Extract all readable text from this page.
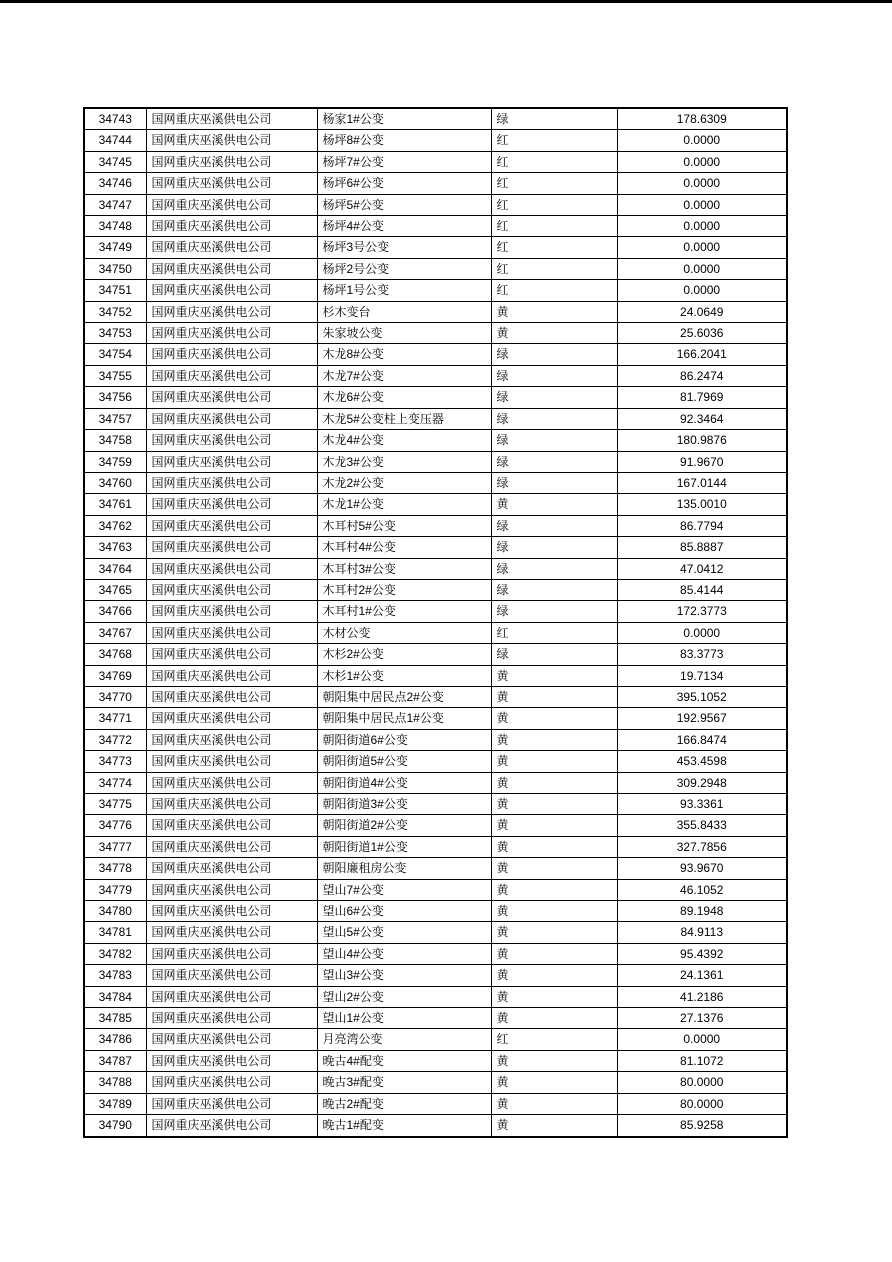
34743	国网重庆巫溪供电公司	杨家1#公变	绿	178.6309
34744	国网重庆巫溪供电公司	杨坪8#公变	红	0.0000
34745	国网重庆巫溪供电公司	杨坪7#公变	红	0.0000
34746	国网重庆巫溪供电公司	杨坪6#公变	红	0.0000
34747	国网重庆巫溪供电公司	杨坪5#公变	红	0.0000
34748	国网重庆巫溪供电公司	杨坪4#公变	红	0.0000
34749	国网重庆巫溪供电公司	杨坪3号公变	红	0.0000
34750	国网重庆巫溪供电公司	杨坪2号公变	红	0.0000
34751	国网重庆巫溪供电公司	杨坪1号公变	红	0.0000
34752	国网重庆巫溪供电公司	杉木变台	黄	24.0649
34753	国网重庆巫溪供电公司	朱家坡公变	黄	25.6036
34754	国网重庆巫溪供电公司	木龙8#公变	绿	166.2041
34755	国网重庆巫溪供电公司	木龙7#公变	绿	86.2474
34756	国网重庆巫溪供电公司	木龙6#公变	绿	81.7969
34757	国网重庆巫溪供电公司	木龙5#公变柱上变压器	绿	92.3464
34758	国网重庆巫溪供电公司	木龙4#公变	绿	180.9876
34759	国网重庆巫溪供电公司	木龙3#公变	绿	91.9670
34760	国网重庆巫溪供电公司	木龙2#公变	绿	167.0144
34761	国网重庆巫溪供电公司	木龙1#公变	黄	135.0010
34762	国网重庆巫溪供电公司	木耳村5#公变	绿	86.7794
34763	国网重庆巫溪供电公司	木耳村4#公变	绿	85.8887
34764	国网重庆巫溪供电公司	木耳村3#公变	绿	47.0412
34765	国网重庆巫溪供电公司	木耳村2#公变	绿	85.4144
34766	国网重庆巫溪供电公司	木耳村1#公变	绿	172.3773
34767	国网重庆巫溪供电公司	木材公变	红	0.0000
34768	国网重庆巫溪供电公司	木杉2#公变	绿	83.3773
34769	国网重庆巫溪供电公司	木杉1#公变	黄	19.7134
34770	国网重庆巫溪供电公司	朝阳集中居民点2#公变	黄	395.1052
34771	国网重庆巫溪供电公司	朝阳集中居民点1#公变	黄	192.9567
34772	国网重庆巫溪供电公司	朝阳街道6#公变	黄	166.8474
34773	国网重庆巫溪供电公司	朝阳街道5#公变	黄	453.4598
34774	国网重庆巫溪供电公司	朝阳街道4#公变	黄	309.2948
34775	国网重庆巫溪供电公司	朝阳街道3#公变	黄	93.3361
34776	国网重庆巫溪供电公司	朝阳街道2#公变	黄	355.8433
34777	国网重庆巫溪供电公司	朝阳街道1#公变	黄	327.7856
34778	国网重庆巫溪供电公司	朝阳廉租房公变	黄	93.9670
34779	国网重庆巫溪供电公司	望山7#公变	黄	46.1052
34780	国网重庆巫溪供电公司	望山6#公变	黄	89.1948
34781	国网重庆巫溪供电公司	望山5#公变	黄	84.9113
34782	国网重庆巫溪供电公司	望山4#公变	黄	95.4392
34783	国网重庆巫溪供电公司	望山3#公变	黄	24.1361
34784	国网重庆巫溪供电公司	望山2#公变	黄	41.2186
34785	国网重庆巫溪供电公司	望山1#公变	黄	27.1376
34786	国网重庆巫溪供电公司	月亮湾公变	红	0.0000
34787	国网重庆巫溪供电公司	晚古4#配变	黄	81.1072
34788	国网重庆巫溪供电公司	晚古3#配变	黄	80.0000
34789	国网重庆巫溪供电公司	晚古2#配变	黄	80.0000
34790	国网重庆巫溪供电公司	晚古1#配变	黄	85.9258
